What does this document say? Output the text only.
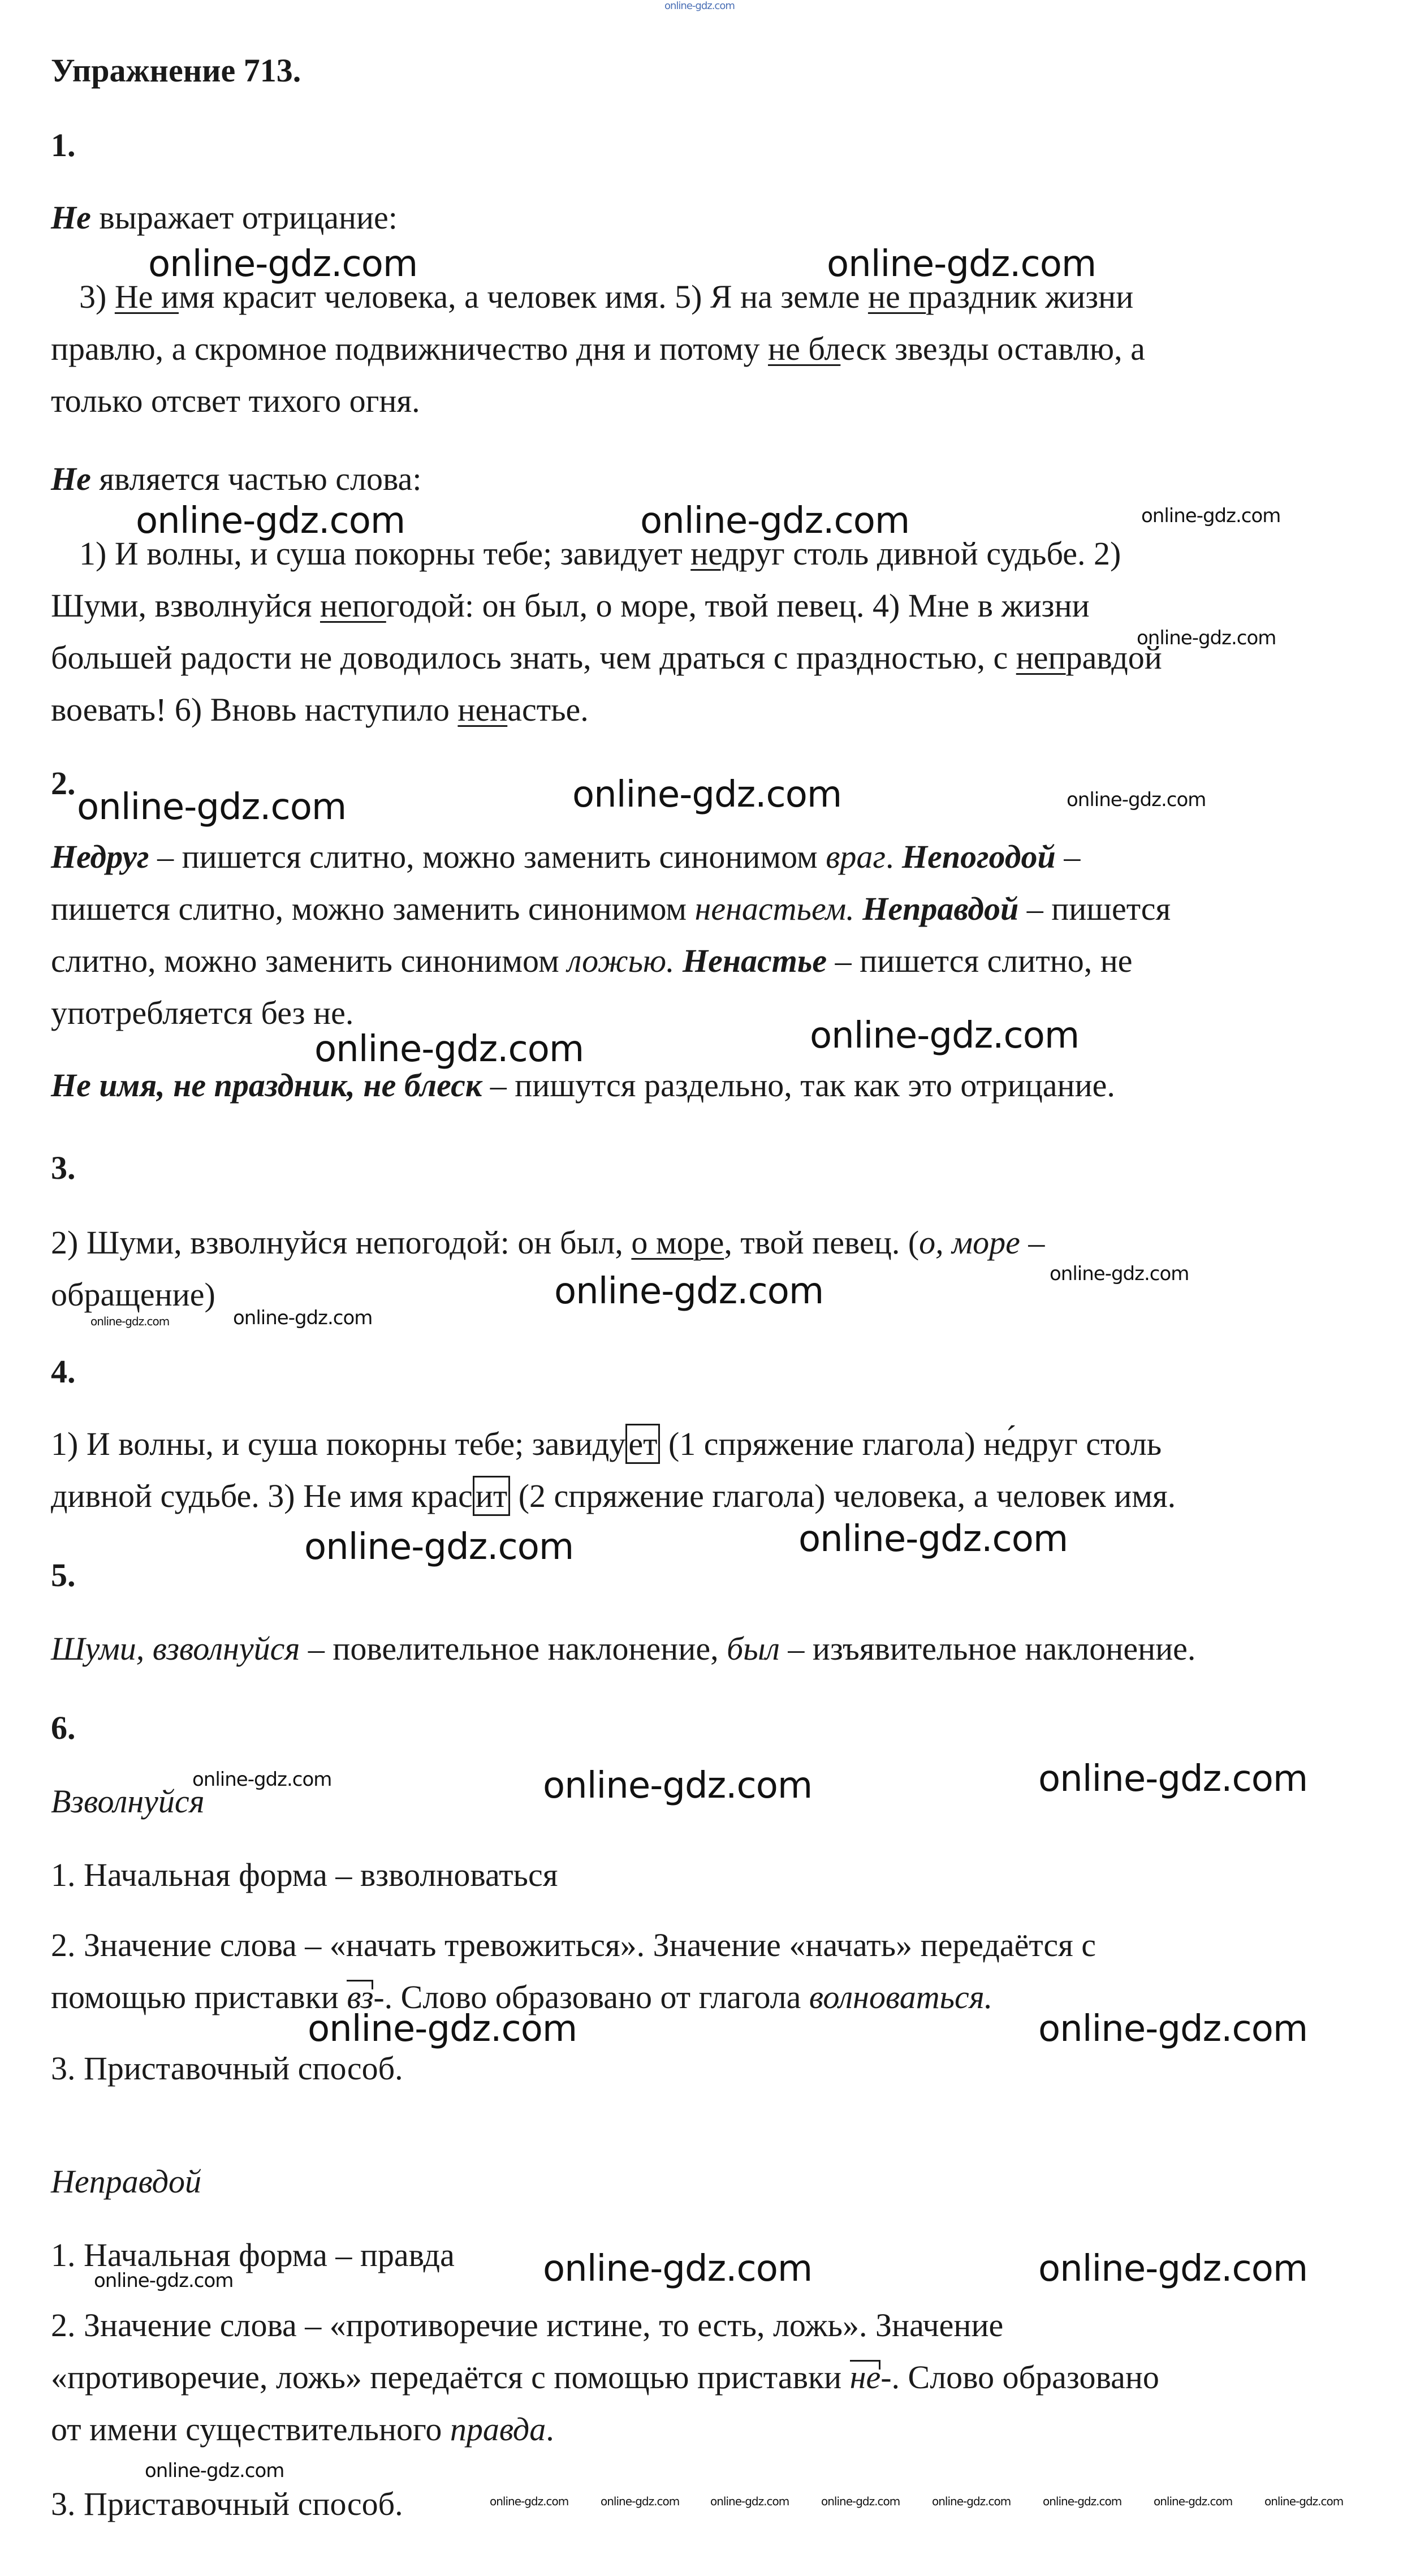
online-gdz.com
Упражнение 713.
1.
Не выражает отрицание:
3) Не имя красит человека, а человек имя. 5) Я на земле не праздник жизни
правлю, а скромное подвижничество дня и потому не блеск звезды оставлю, а
только отсвет тихого огня.
Не является частью слова:
1) И волны, и суша покорны тебе; завидует недруг столь дивной судьбе. 2)
Шуми, взволнуйся непогодой: он был, о море, твой певец. 4) Мне в жизни
большей радости не доводилось знать, чем драться с праздностью, с неправдой
воевать! 6) Вновь наступило ненастье.
2.
Недруг – пишется слитно, можно заменить синонимом враг. Непогодой –
пишется слитно, можно заменить синонимом ненастьем. Неправдой – пишется
слитно, можно заменить синонимом ложью. Ненастье – пишется слитно, не
употребляется без не.
Не имя, не праздник, не блеск – пишутся раздельно, так как это отрицание.
3.
2) Шуми, взволнуйся непогодой: он был, о море, твой певец. (о, море –
обращение)
4.
1) И волны, и суша покорны тебе; завидует (1 спряжение глагола) не́друг столь
дивной судьбе. 3) Не имя красит (2 спряжение глагола) человека, а человек имя.
5.
Шуми, взволнуйся – повелительное наклонение, был – изъявительное наклонение.
6.
Взволнуйся
1. Начальная форма – взволноваться
2. Значение слова – «начать тревожиться». Значение «начать» передаётся с
помощью приставки вз-. Слово образовано от глагола волноваться.
3. Приставочный способ.
Неправдой
1. Начальная форма – правда
2. Значение слова – «противоречие истине, то есть, ложь». Значение
«противоречие, ложь» передаётся с помощью приставки не-. Слово образовано
от имени существительного правда.
3. Приставочный способ.
online-gdz.com	online-gdz.com
online-gdz.com	online-gdz.com	online-gdz.com
online-gdz.com
online-gdz.com	online-gdz.com	online-gdz.com
online-gdz.com	online-gdz.com
online-gdz.com
online-gdz.com
online-gdz.com
online-gdz.com
online-gdz.com	online-gdz.com
online-gdz.com	online-gdz.com	online-gdz.com
online-gdz.com	online-gdz.com
online-gdz.com	online-gdz.com
online-gdz.com
online-gdz.com
online-gdz.com	online-gdz.com	online-gdz.com	online-gdz.com	online-gdz.com	online-gdz.com	online-gdz.com	online-gdz.com
